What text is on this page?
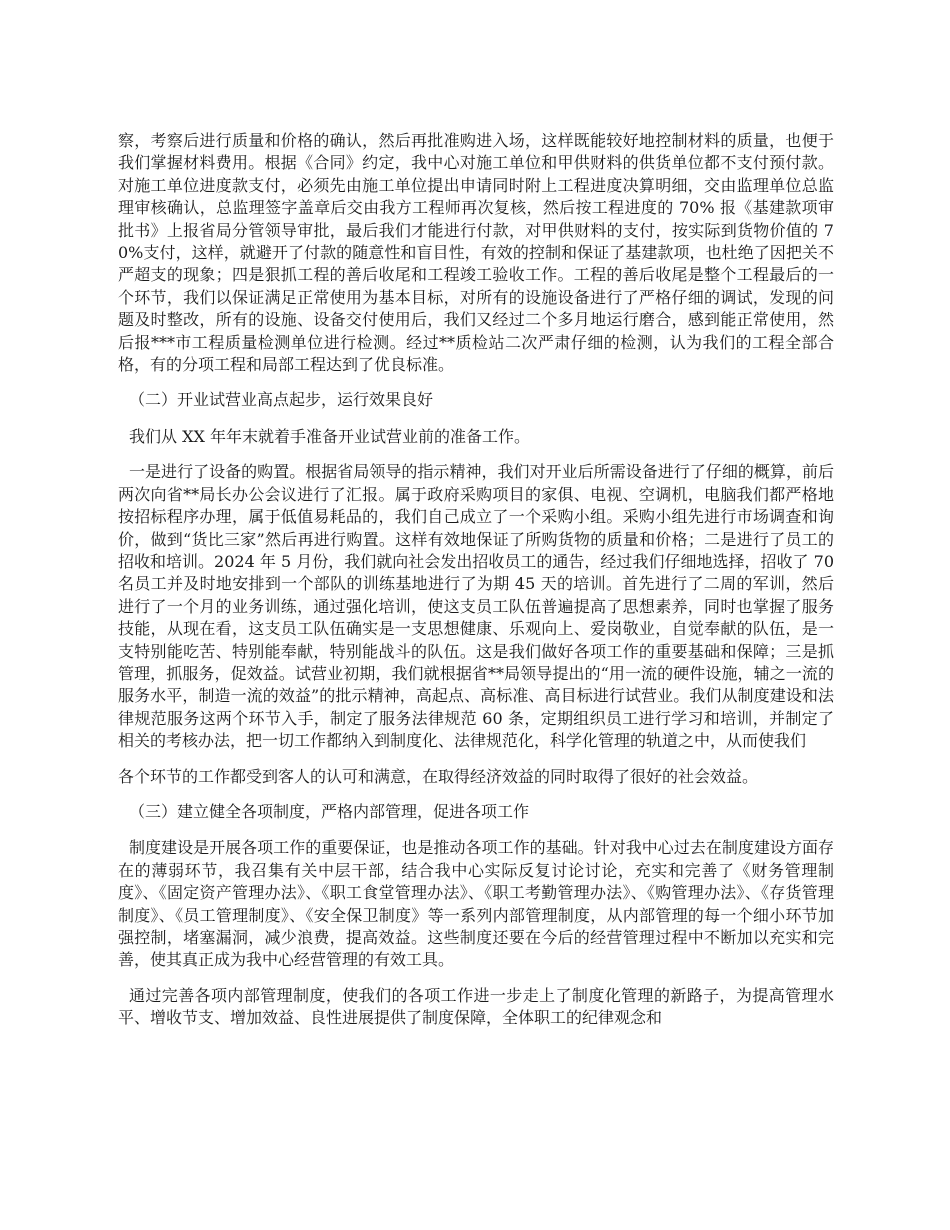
察，考察后进行质量和价格的确认，然后再批准购进入场，这样既能较好地控制材料的质量，也便于我们掌握材料费用。根据《合同》约定，我中心对施工单位和甲供财料的供货单位都不支付预付款。对施工单位进度款支付，必须先由施工单位提出申请同时附上工程进度决算明细，交由监理单位总监理审核确认，总监理签字盖章后交由我方工程师再次复核，然后按工程进度的 70% 报《基建款项审批书》上报省局分管领导审批，最后我们才能进行付款，对甲供财料的支付，按实际到货物价值的 70%支付，这样，就避开了付款的随意性和盲目性，有效的控制和保证了基建款项，也杜绝了因把关不严超支的现象；四是狠抓工程的善后收尾和工程竣工验收工作。工程的善后收尾是整个工程最后的一个环节，我们以保证满足正常使用为基本目标，对所有的设施设备进行了严格仔细的调试，发现的问题及时整改，所有的设施、设备交付使用后，我们又经过二个多月地运行磨合，感到能正常使用，然后报***市工程质量检测单位进行检测。经过**质检站二次严肃仔细的检测，认为我们的工程全部合格，有的分项工程和局部工程达到了优良标准。

（二）开业试营业高点起步，运行效果良好

我们从 XX 年年末就着手准备开业试营业前的准备工作。

一是进行了设备的购置。根据省局领导的指示精神，我们对开业后所需设备进行了仔细的概算，前后两次向省**局长办公会议进行了汇报。属于政府采购项目的家俱、电视、空调机，电脑我们都严格地按招标程序办理，属于低值易耗品的，我们自己成立了一个采购小组。采购小组先进行市场调查和询价，做到“货比三家”然后再进行购置。这样有效地保证了所购货物的质量和价格；二是进行了员工的招收和培训。2024 年 5 月份，我们就向社会发出招收员工的通告，经过我们仔细地选择，招收了 70 名员工并及时地安排到一个部队的训练基地进行了为期 45 天的培训。首先进行了二周的军训，然后进行了一个月的业务训练，通过强化培训，使这支员工队伍普遍提高了思想素养，同时也掌握了服务技能，从现在看，这支员工队伍确实是一支思想健康、乐观向上、爱岗敬业，自觉奉献的队伍，是一支特别能吃苦、特别能奉献，特别能战斗的队伍。这是我们做好各项工作的重要基础和保障；三是抓管理，抓服务，促效益。试营业初期，我们就根据省**局领导提出的“用一流的硬件设施，辅之一流的服务水平，制造一流的效益”的批示精神，高起点、高标准、高目标进行试营业。我们从制度建设和法律规范服务这两个环节入手，制定了服务法律规范 60 条，定期组织员工进行学习和培训，并制定了相关的考核办法，把一切工作都纳入到制度化、法律规范化，科学化管理的轨道之中，从而使我们

各个环节的工作都受到客人的认可和满意，在取得经济效益的同时取得了很好的社会效益。

（三）建立健全各项制度，严格内部管理，促进各项工作

制度建设是开展各项工作的重要保证，也是推动各项工作的基础。针对我中心过去在制度建设方面存在的薄弱环节，我召集有关中层干部，结合我中心实际反复讨论讨论，充实和完善了《财务管理制度》、《固定资产管理办法》、《职工食堂管理办法》、《职工考勤管理办法》、《购管理办法》、《存货管理制度》、《员工管理制度》、《安全保卫制度》等一系列内部管理制度，从内部管理的每一个细小环节加强控制，堵塞漏洞，减少浪费，提高效益。这些制度还要在今后的经营管理过程中不断加以充实和完善，使其真正成为我中心经营管理的有效工具。

通过完善各项内部管理制度，使我们的各项工作进一步走上了制度化管理的新路子，为提高管理水平、增收节支、增加效益、良性进展提供了制度保障，全体职工的纪律观念和
